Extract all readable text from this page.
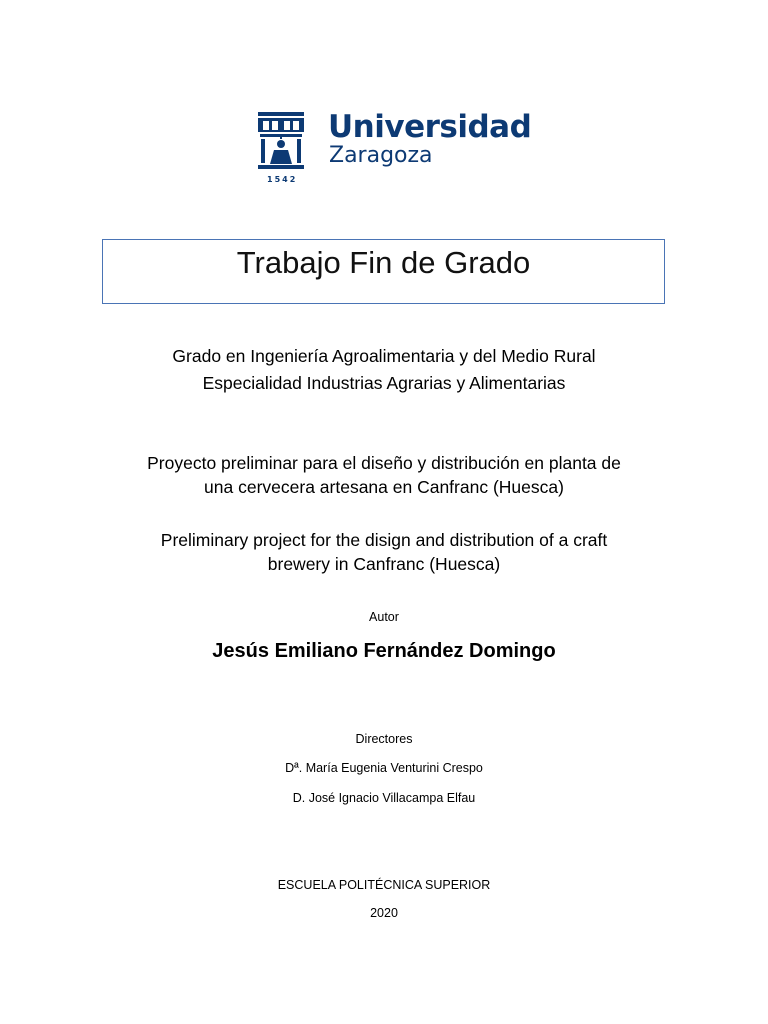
1542
Universidad
Zaragoza
Trabajo Fin de Grado
Grado en Ingeniería Agroalimentaria y del Medio Rural
Especialidad Industrias Agrarias y Alimentarias
Proyecto preliminar para el diseño y distribución en planta de
una cervecera artesana en Canfranc (Huesca)
Preliminary project for the disign and distribution of a craft
brewery in Canfranc (Huesca)
Autor
Jesús Emiliano Fernández Domingo
Directores
Dª. María Eugenia Venturini Crespo
D. José Ignacio Villacampa Elfau
ESCUELA POLITÉCNICA SUPERIOR
2020
